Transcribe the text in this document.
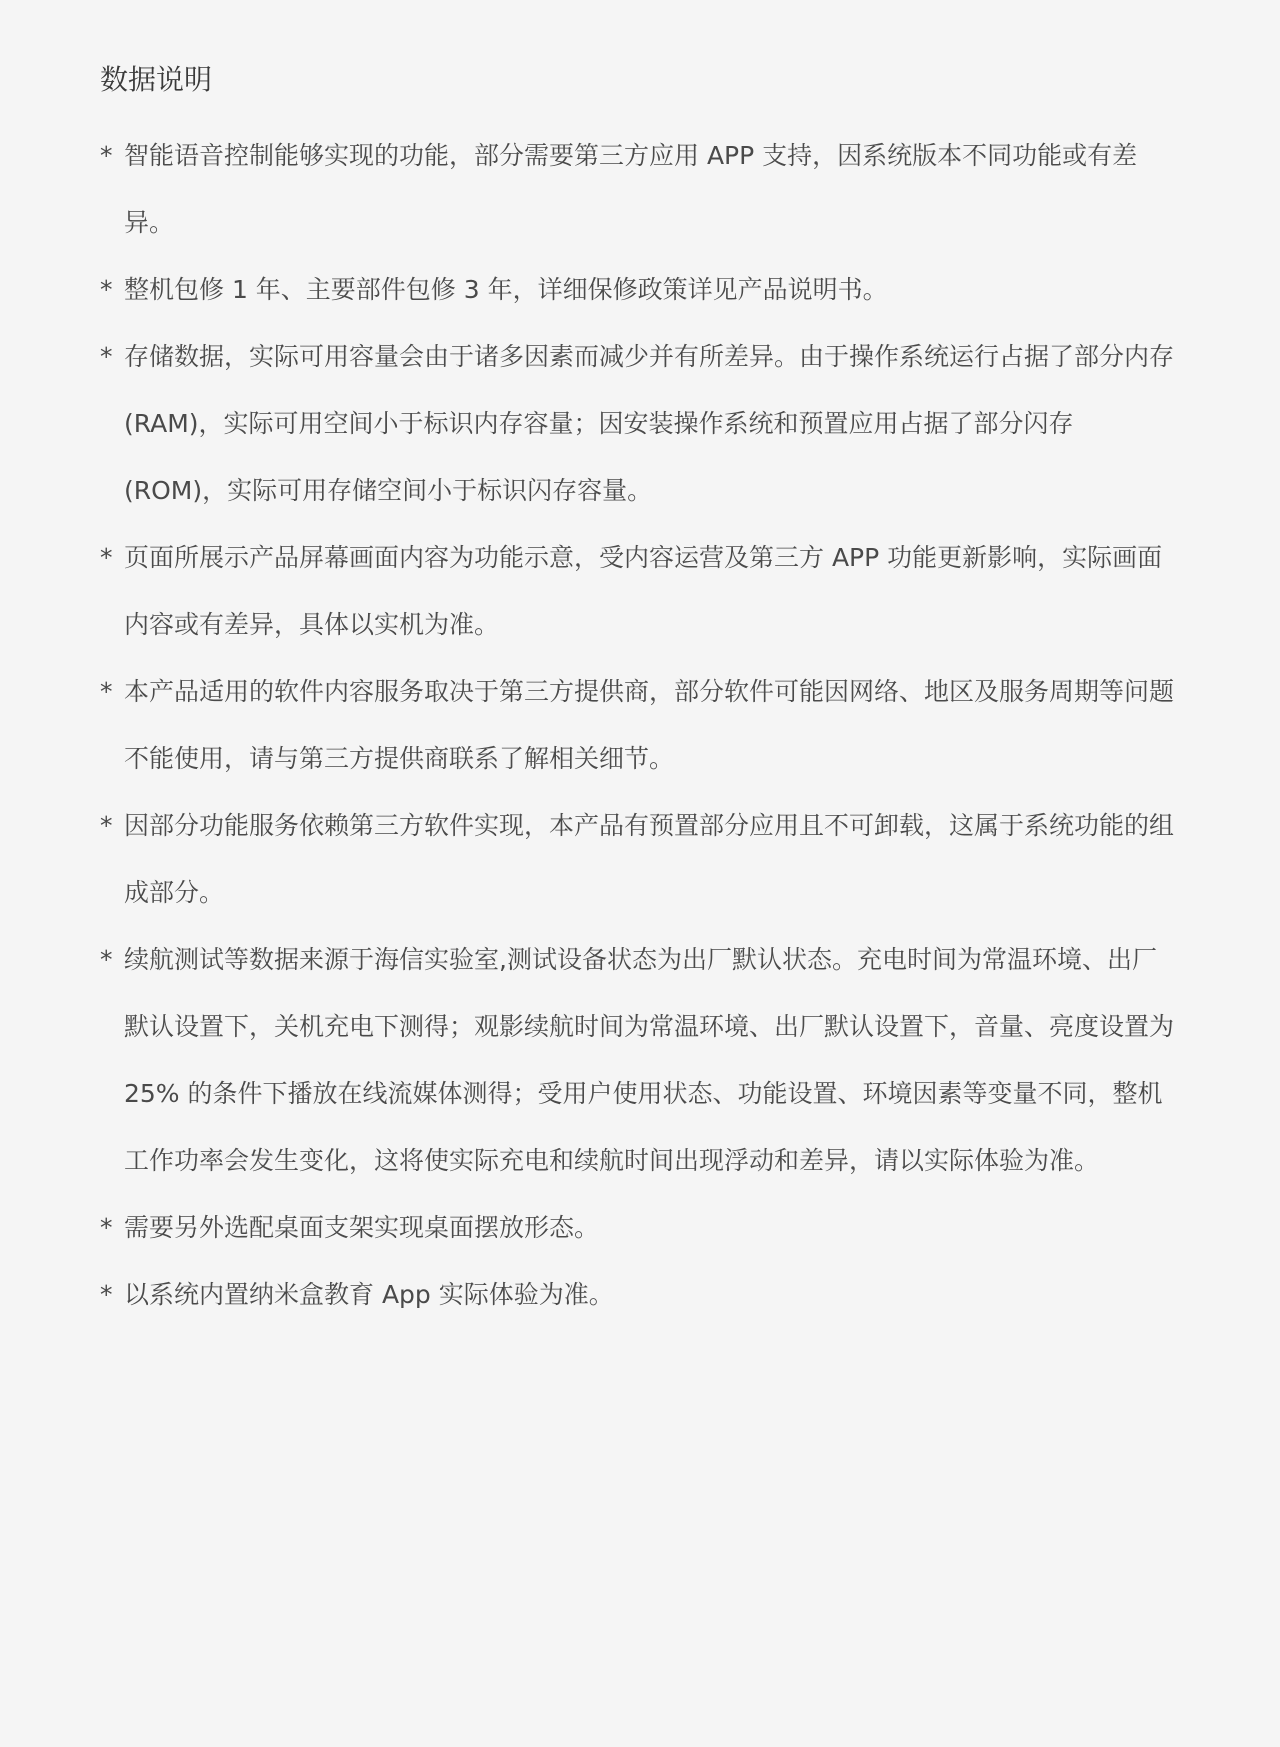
数据说明
* 智能语音控制能够实现的功能，部分需要第三方应用 APP 支持，因系统版本不同功能或有差异。
* 整机包修 1 年、主要部件包修 3 年，详细保修政策详见产品说明书。
* 存储数据，实际可用容量会由于诸多因素而减少并有所差异。由于操作系统运行占据了部分内存 (RAM)，实际可用空间小于标识内存容量；因安装操作系统和预置应用占据了部分闪存 (ROM)，实际可用存储空间小于标识闪存容量。
* 页面所展示产品屏幕画面内容为功能示意，受内容运营及第三方 APP 功能更新影响，实际画面内容或有差异，具体以实机为准。
* 本产品适用的软件内容服务取决于第三方提供商，部分软件可能因网络、地区及服务周期等问题不能使用，请与第三方提供商联系了解相关细节。
* 因部分功能服务依赖第三方软件实现，本产品有预置部分应用且不可卸载，这属于系统功能的组成部分。
* 续航测试等数据来源于海信实验室,测试设备状态为出厂默认状态。充电时间为常温环境、出厂默认设置下，关机充电下测得；观影续航时间为常温环境、出厂默认设置下，音量、亮度设置为 25% 的条件下播放在线流媒体测得；受用户使用状态、功能设置、环境因素等变量不同，整机工作功率会发生变化，这将使实际充电和续航时间出现浮动和差异，请以实际体验为准。
* 需要另外选配桌面支架实现桌面摆放形态。
* 以系统内置纳米盒教育 App 实际体验为准。
